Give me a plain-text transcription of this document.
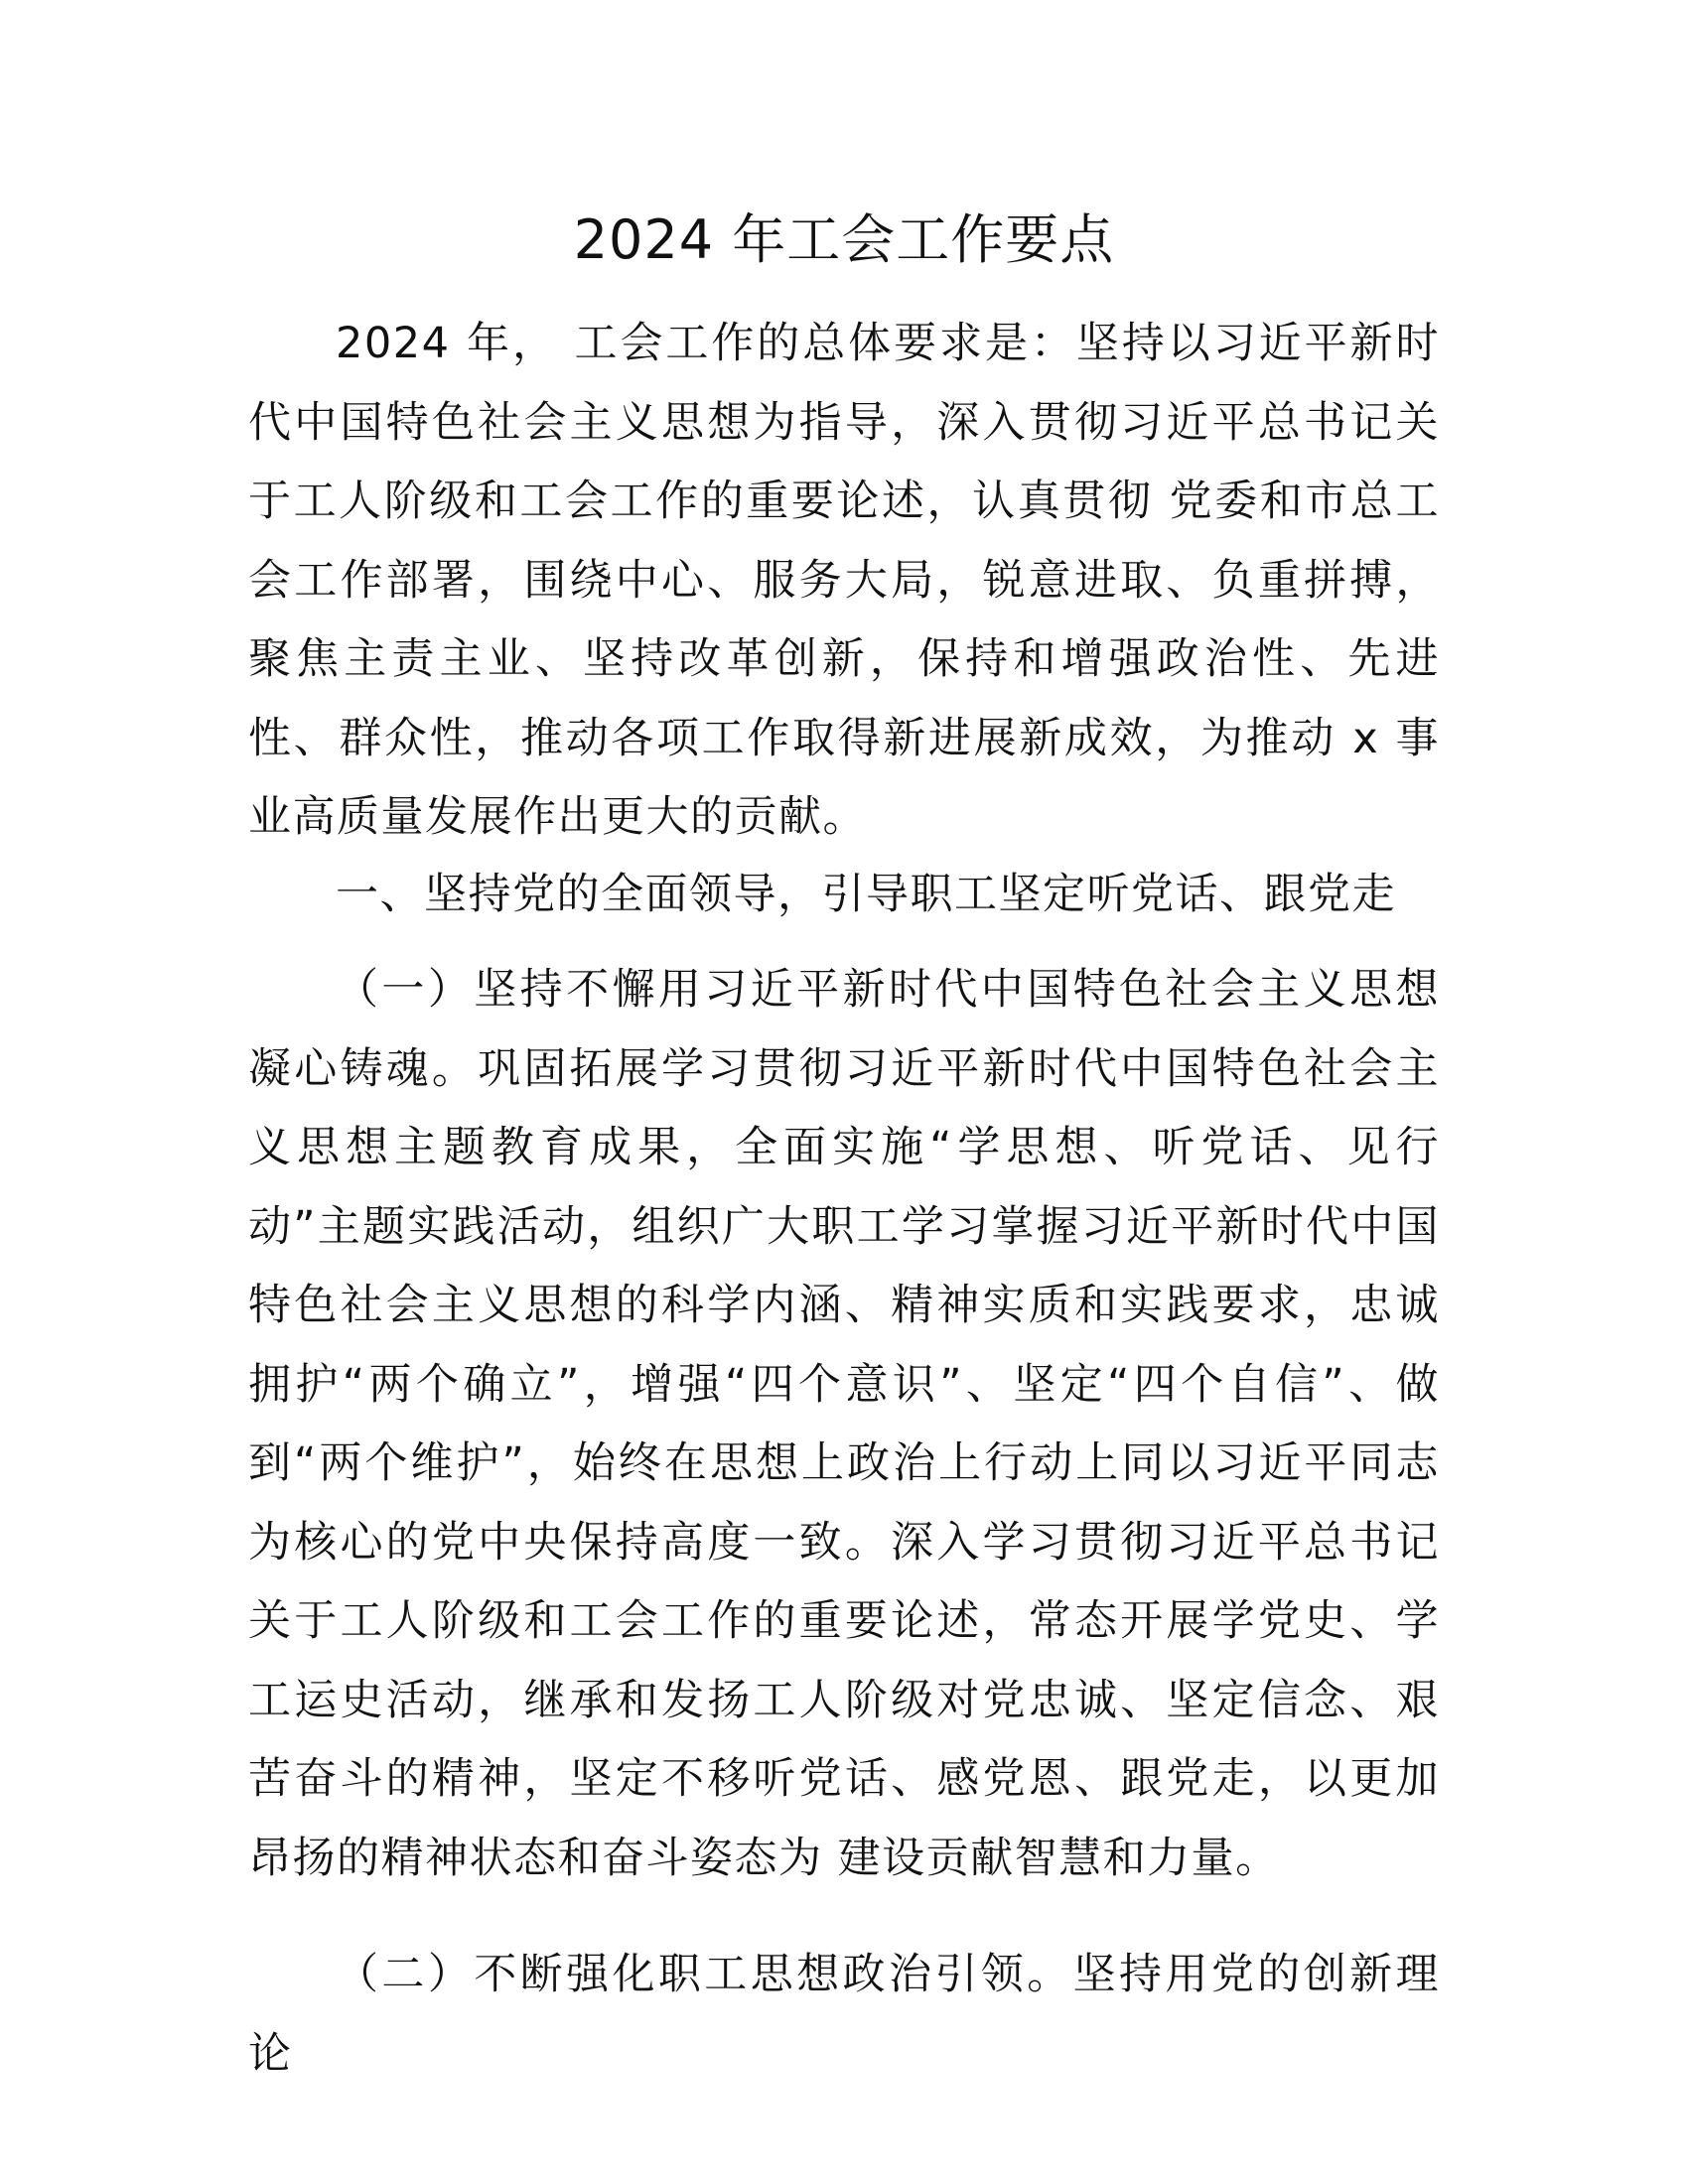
2024 年工会工作要点

2024 年， 工会工作的总体要求是：坚持以习近平新时代中国特色社会主义思想为指导，深入贯彻习近平总书记关于工人阶级和工会工作的重要论述，认真贯彻 党委和市总工会工作部署，围绕中心、服务大局，锐意进取、负重拼搏，聚焦主责主业、坚持改革创新，保持和增强政治性、先进性、群众性，推动各项工作取得新进展新成效，为推动 x 事业高质量发展作出更大的贡献。

一、坚持党的全面领导，引导职工坚定听党话、跟党走

（一）坚持不懈用习近平新时代中国特色社会主义思想凝心铸魂。巩固拓展学习贯彻习近平新时代中国特色社会主义思想主题教育成果，全面实施“学思想、听党话、见行动”主题实践活动，组织广大职工学习掌握习近平新时代中国特色社会主义思想的科学内涵、精神实质和实践要求，忠诚拥护“两个确立”，增强“四个意识”、坚定“四个自信”、做到“两个维护”，始终在思想上政治上行动上同以习近平同志为核心的党中央保持高度一致。深入学习贯彻习近平总书记关于工人阶级和工会工作的重要论述，常态开展学党史、学工运史活动，继承和发扬工人阶级对党忠诚、坚定信念、艰苦奋斗的精神，坚定不移听党话、感党恩、跟党走，以更加昂扬的精神状态和奋斗姿态为 建设贡献智慧和力量。

（二）不断强化职工思想政治引领。坚持用党的创新理论
